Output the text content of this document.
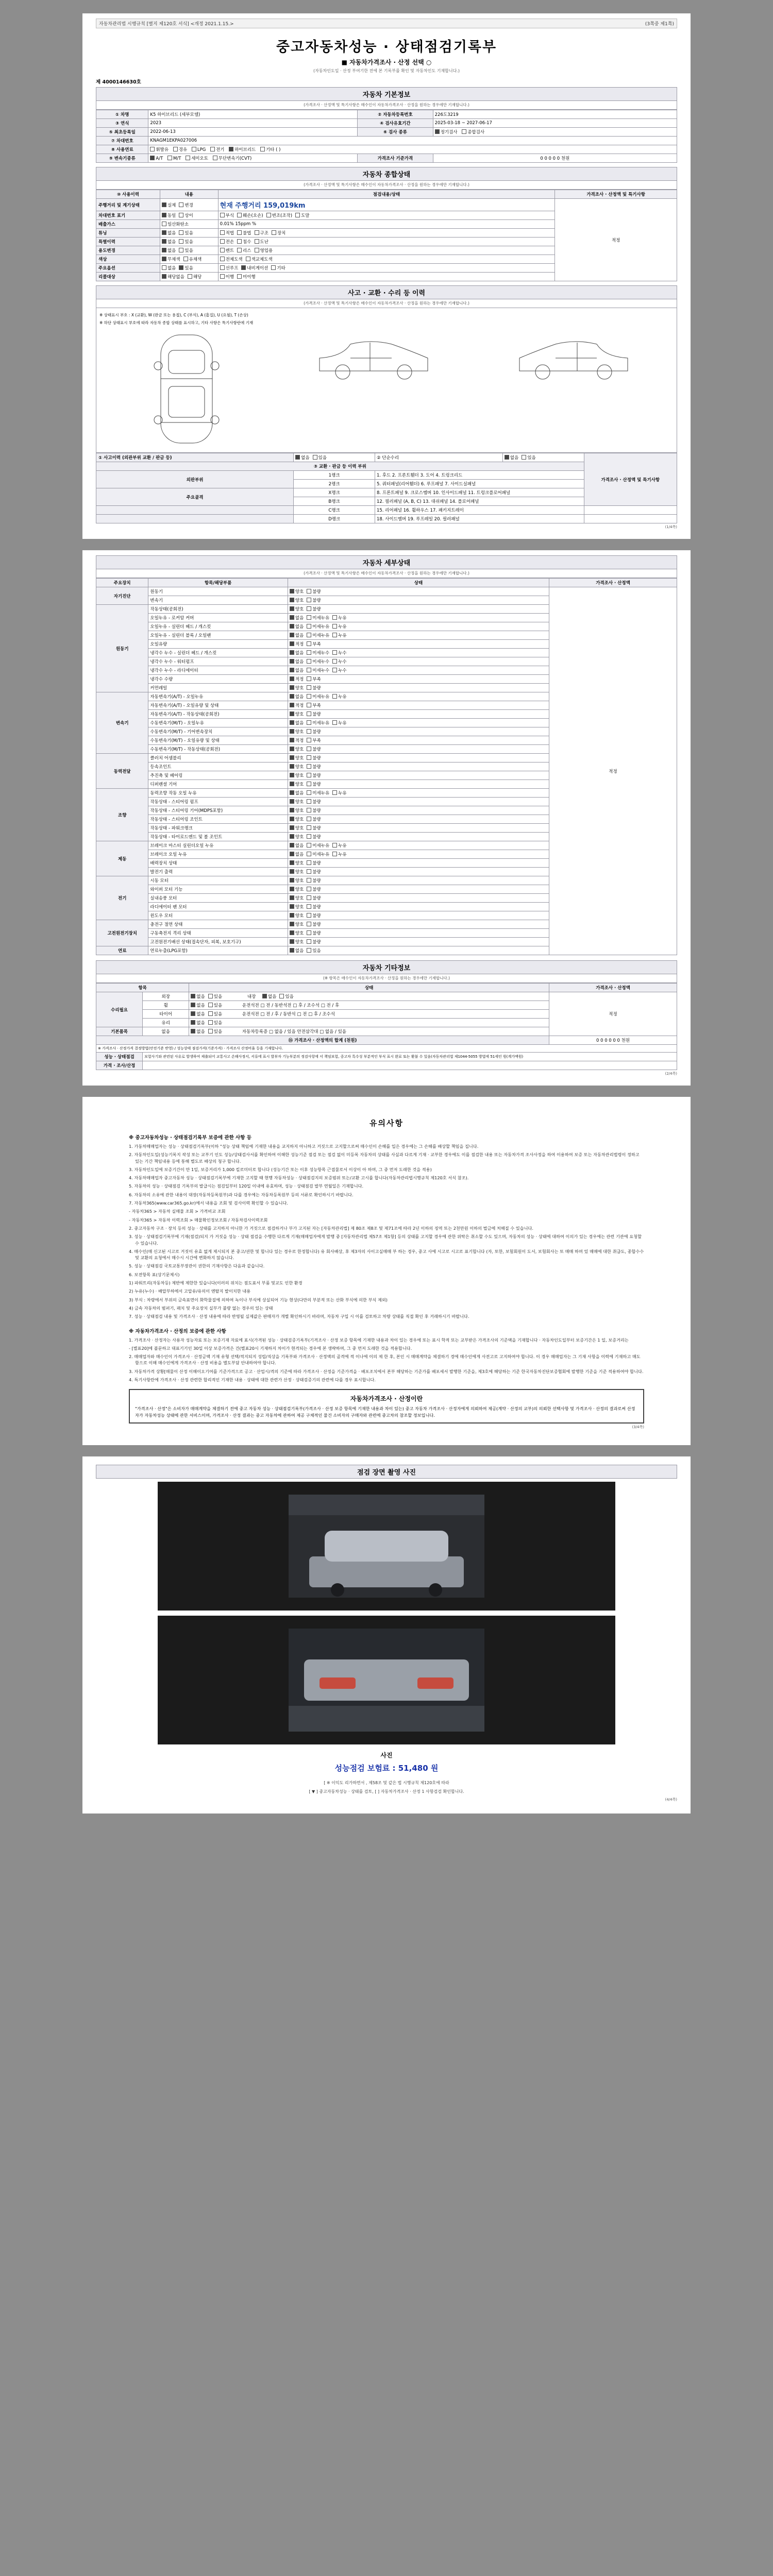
자동차관리법 시행규칙 [별지 제120호 서식] <개정 2021.1.15.>	(3쪽중 제1쪽)
중고자동차성능 · 상태점검기록부
■ 자동차가격조사 · 산정 선택 ○
(자동차인도일 · 산정 부여기한 전에 본 기록부를 확인 및 자동차인도 기재합니다.)
제 4000146630호
자동차 기본정보
(가격조사 · 산정액 및 특기사항은 매수인이 자동차가격조사 · 산정을 원하는 경우에만 기재합니다.)
① 차명	K5 하이브리드 (세부모델)	② 자동차등록번호	226도3219
③ 연식	2023	④ 검사유효기간	2025-03-18 ~ 2027-06-17
⑤ 최초등록일	2022-06-13	⑥ 검사 종류	정기검사 종합검사
⑦ 차대번호	KNAGM1EKPA027006		
⑧ 사용연료	휘발유 경유 LPG 전기 하이브리드 기타 ( )		
⑨ 변속기종류	A/T M/T 세미오토 무단변속기(CVT)	가격조사 기준가격	0 0 0 0 0 천원
자동차 종합상태
(가격조사 · 산정액 및 특기사항은 매수인이 자동차가격조사 · 산정을 원하는 경우에만 기재합니다.)
⑩ 사용이력	내용	점검내용/상태	가격조사 · 산정액 및 특기사항
주행거리 및 계기상태	실제 변경	현재 주행거리 159,019km	적정
차대번호 표기	동일 상이	부식 훼손(오손) 변조(조작) 도말	
배출가스	일산화탄소	0.01% 15ppm %	
튜닝	없음 있음	적법 불법 구조 장치	
특별이력	없음 있음	전손 침수 도난	
용도변경	없음 있음	렌트 리스 영업용	
색상	무채색 유채색	전체도색 색교체도색	
주요옵션	없음 있음	선루프 내비게이션 기타	
리콜대상	해당없음 해당	이행 미이행	
사고 · 교환 · 수리 등 이력
(가격조사 · 산정액 및 특기사항은 매수인이 자동차가격조사 · 산정을 원하는 경우에만 기재합니다.)
※ 상태표시 부호 : X (교환), W (판금 또는 용접), C (부식), A (흠집), U (요철), T (손상)
※ 하단 상태표시 부호에 따라 자동차 종합 상태를 표시하고, 기타 사항은 특기사항란에 기재
① 사고이력 (외관부위 교환 / 판금 등)	없음 있음	② 단순수리	없음 있음	가격조사 · 산정액 및 특기사항
③ 교환 · 판금 등 이력 부위				
외판부위	1랭크	1. 후드 2. 프론트휀더 3. 도어 4. 트렁크리드		
	2랭크	5. 쿼터패널(리어휀더) 6. 루프패널 7. 사이드실패널		
주요골격	X랭크	8. 프론트패널 9. 크로스멤버 10. 인사이드패널 11. 트렁크플로어패널		
	B랭크	12. 필러패널 (A, B, C) 13. 대쉬패널 14. 플로어패널		
	C랭크	15. 리어패널 16. 휠하우스 17. 패키지트레이		
	D랭크	18. 사이드멤버 19. 루프레일 20. 필러패널		
(1/4쪽)
자동차 세부상태
(가격조사 · 산정액 및 특기사항은 매수인이 자동차가격조사 · 산정을 원하는 경우에만 기재합니다.)
주요장치	항목/해당부품	상태	가격조사 · 산정액
자기진단	원동기	양호 불량	적정
	변속기	양호 불량	
원동기	작동상태(공회전)	양호 불량	
	오일누유 - 로커암 커버	없음 미세누유 누유	
	오일누유 - 실린더 헤드 / 개스킷	없음 미세누유 누유	
	오일누유 - 실린더 블록 / 오일팬	없음 미세누유 누유	
	오일유량	적정 부족	
	냉각수 누수 - 실린더 헤드 / 개스킷	없음 미세누수 누수	
	냉각수 누수 - 워터펌프	없음 미세누수 누수	
	냉각수 누수 - 라디에이터	없음 미세누수 누수	
	냉각수 수량	적정 부족	
	커먼레일	양호 불량	
변속기	자동변속기(A/T) - 오일누유	없음 미세누유 누유	
	자동변속기(A/T) - 오일유량 및 상태	적정 부족	
	자동변속기(A/T) - 작동상태(공회전)	양호 불량	
	수동변속기(M/T) - 오일누유	없음 미세누유 누유	
	수동변속기(M/T) - 기어변속장치	양호 불량	
	수동변속기(M/T) - 오일유량 및 상태	적정 부족	
	수동변속기(M/T) - 작동상태(공회전)	양호 불량	
동력전달	클러치 어셈블리	양호 불량	
	등속조인트	양호 불량	
	추진축 및 베어링	양호 불량	
	디퍼렌셜 기어	양호 불량	
조향	동력조향 작동 오일 누유	없음 미세누유 누유	
	작동상태 - 스티어링 펌프	양호 불량	
	작동상태 - 스티어링 기어(MDPS포함)	양호 불량	
	작동상태 - 스티어링 조인트	양호 불량	
	작동상태 - 파워크랭크	양호 불량	
	작동상태 - 타이로드엔드 및 볼 조인트	양호 불량	
제동	브레이크 마스터 실린더오일 누유	없음 미세누유 누유	
	브레이크 오일 누유	없음 미세누유 누유	
	배력장치 상태	양호 불량	
	발전기 출력	양호 불량	
전기	시동 모터	양호 불량	
	와이퍼 모터 기능	양호 불량	
	실내송풍 모터	양호 불량	
	라디에이터 팬 모터	양호 불량	
	윈도우 모터	양호 불량	
고전원전기장치	충전구 절연 상태	양호 불량	
	구동축전지 격리 상태	양호 불량	
	고전원전기배선 상태(접속단자, 피복, 보호기구)	양호 불량	
연료	연료누출(LPG포함)	없음 있음	
자동차 기타정보
(※ 항목은 매수인이 자동차가격조사 · 산정을 원하는 경우에만 기재합니다.)
항목		상태	가격조사 · 산정액
수리필요	외장	없음 있음 내장 없음 있음	적정
	휠	없음 있음 운전석전 □ 전 / 동반석전 □ 후 / 조수석 □ 전 / 후	
	타이어	없음 있음 운전석전 □ 전 / 후 / 동반석 □ 전 □ 후 / 조수석	
	유리	없음 있음	
기본품목	없음	없음 있음 자동차등록증 □ 없음 / 있음 안전삼각대 □ 없음 / 있음	
⑮ 가격조사 · 산정액의 합계 (천원)			0 0 0 0 0 0 천원
※ 가격조사 · 산정가격 결정방법(안전기준 반영) / 성능상태 점검가격(기준가격) · 가격조사 산정비율 등을 기재합니다.			
성능 · 상태점검	보험사기와 관련된 사유로 발생하여 제출되어 교통사고 손해사정서, 서류에 표시 발부자 기능부분의 정검사항에 서 책임보험, 중고차 특수성 부분적인 부식 표시 완료 또는 환불 수 있음(자동차관리법 제1044-5055 방법에 51세인 원(계가액원)		
가격 · 조사/산정			
(2/4쪽)
유의사항
※ 중고자동차성능 · 상태점검기록부 보증에 관한 사항 등

1. 가동차매매업자는 성능 · 상태점검기록부(이하 "성능 상태 책임에 기재한 내용을 교지하지 아니하고 거짓으로 고지할으로써 매수인이 손해를 입은 경우에는 그 손해를 배상할 책임을 집니다.

2. 자동차인도일(성능기록지 작성 또는 교부기 인도 성능/상태검사서를 확인하여 이해한 성능기준 점검 또는 점검 없이 미등록 자동차의 상태를 사실과 다르게 기재 · 교부한 경우에도 이를 점검한 내용 또는 자동차가격 조사사정을 하여 이용하여 보증 또는 자동차관리법령이 정하고 있는 기간 책임내용 등에 통해 별도로 배상의 청구 합니다.

3. 자동차인도일에 보증기간이 만 1일, 보증거리가 1,000 킬로미터로 합니다 (성능기간 또는 이후 성능항목 근접물로서 이상이 아 하며, 그 중 먼저 도래한 것을 적용)

4. 자동차매매업자 중고자동차 성능 · 상태점검기록부에 기재한 고지할 때 현행 자동차성능 · 상태점검지의 보증범위 또는/교환 고시를 합니다(자동차관리법시행규칙 제120호 서식 참조).

5. 자동차의 성능 · 상태점검 기록부의 발급시는 점검일부터 120일 이내에 유효하며, 성능 · 상태점검 발부 연월일은 기재합니다.

6. 자동차의 소유에 관한 내용이 대장(자동차등록원부)과 다를 경우에는 자동차등록원부 등의 서류로 확인하시기 바랍니다.

7. 자동차365(www.car365.go.kr)에서 내용을 조회 및 검사이력 확인할 수 있습니다.

- 자동차365 > 자동차 실매물 조회 > 가격비교 조회

- 자동차365 > 자동차 이력조회 > 매물확인정보조회 / 자동차검사이력조회

2. 중고자동차 구조 · 장치 등의 성능 · 상태를 고지하지 아니한 가 거짓으로 점검하거나 부가 고지된 자는 [자동차관리법] 제 80조 제8조 및 제71조에 따라 2년 이하의 징역 또는 2천만원 이하의 벌금에 처해질 수 있습니다.

3. 성능 · 상태점검기록부에 기재(점검)되지 가 거짓을 성능 · 상태 점검을 수행한 다르게 기재(매매업자에게 발행 중 [자동차관리법 제57조 제1항] 등의 상태를 고지할 경우에 관한 위탁은 취소할 수도 있으며, 자동차의 성능 · 상태에 대하여 이의가 있는 경우에는 관련 기관에 요청할 수 있습니다.

4. 매수인(매 신고된 시고로 거짓이 유효 없게 제시되지 본 중고/권한 및 합니다 있는 경우로 한정합니다) 유 회사배상, 후 제3자의 사이고실매매 부 하는 경우, 중고 사에 시고로 시고로 표기합니다 (자, 또한, 보험회원이 도서, 보험회사는 또 매매 하며 있 매매에 대한 취급도, 종합수수 및 교환의 요청에서 매수시 시간에 변화하지 않습니다.

5. 성능 · 상태점검 국토교통부장관이 권한의 기재사항은 다음과 같습니다.

6. 보전항목 표(상기문제시)

1) 파워트리(자동차등) 제반에 제한한 있습니다(이러의 위치는 점도표서 부품 및교도 인한 환경

2) 누유(누수) · 배압부하에서 고압유/유의이 엔탈지 발이치한 내용

3) 부식 : 차량에서 부위의 금속표면이 화학물질에 의하여 녹이나 부식에 상실되어 기능 현상(다만의 부분적 또는 산화 부식에 의한 부식 제외)

4) 금속 자동차의 범퍼기, 패치 및 주요장치 실부가 불량 없는 경우의 있는 상태

7. 성능 · 상태점검 내용 및 가격조사 · 산정 내용에 따라 반영될 실제값은 판매자가 개별 확인하시기 바라며, 자동차 구입 시 이를 검토하고 차량 상태를 직접 확인 후 거래하시기 바랍니다.

※ 자동차가격조사 · 산정의 보증에 관한 사항

1. 가격조사 · 산정자는 사용자 성능자료 또는 보증기재 자료에 표시(가격된 성능 · 상태검증기록부(기격조사 · 산정 보증 항목에 기재한 내용과 차이 있는 경우에 또는 표시 학적 또는 교부받은 가격조사의 기준액을 기재합니다 · 자동차인도일부터 보증기간은 1 일, 보증거리는

- [별표20]에 불문하고 대표기기인 30일 이상 보증가격은 건(별표20시 기재하지 차이가 현격되는 경우에 본 생략하며, 그 중 먼저 도래한 것을 적용합니다.

2. 매매업자와 매수인이 가격조사 · 산정금액 기재 유형 선택/적지되지 성립/직상을 기록부와 가격조사 · 산정액의 골격에 적 이나에 이의 제 한 후, 본인 시 매매계약을 체결하기 경에 매수인에게 사전고로 고지하여야 합니다. 이 경우 매매업자는 그 기재 사항을 이력에 기재하고 매도함으로 이해 매수인에게 가격조사 · 산정 비용을 별도부담 안내하여야 합니다.

3. 자동차가격 상황[매물이 산정 이해이오기여를 기준가격으로 공고 · 산업시/격의 기준에 따라 가격조사 · 산정을 기준가격을 · 배포조치에서 본부 해당하는 기준가를 배포세서 발행한 기준을, 제3호에 해당하는 기준 한국자동차진단보증협회에 발행한 기준을 기준 적용하여야 합니다.

4. 특기사항란에 가격조사 · 산정 관련한 합리적인 기재한 내용 · 상태에 대한 관련가 산정 · 상태검증기의 관련에 다를 경우 표시합니다.

자동차가격조사 · 산정이란

"가격조사 · 산정"은 소비자가 매매계약을 체결하기 전에 중고 자동차 성능 · 상태점검기록부(가격조사 · 산정 보증 항목에 기재한 내용과 차이 있는) 중고 자동차 가격조사 · 산정자에게 의뢰하여 제공(계약 · 산정의 교부)의 의뢰한 선택사항 및 가격조사 · 산정의 결과로써 산정자가 자동차성능 상태에 관한 서비스이며, 가격조사 · 산정 결과는 중고 자동차에 관하여 제공 구체적인 물건 소비자의 구매자와 관련에 중고차의 참조할 정보입니다.

(3/4쪽)
점검 장면 촬영 사진
사진
성능점검 보험료 : 51,480 원
[ ※ 이익도 리가하면서 , 제58조 및 같은 법 시행규칙 제120호에 따라
[ ▼ ] 중고자동차성능 · 상태를 검토, [ ] 자동차가격조사 · 산정 1 사항검검 확인합니다.
(4/4쪽)
